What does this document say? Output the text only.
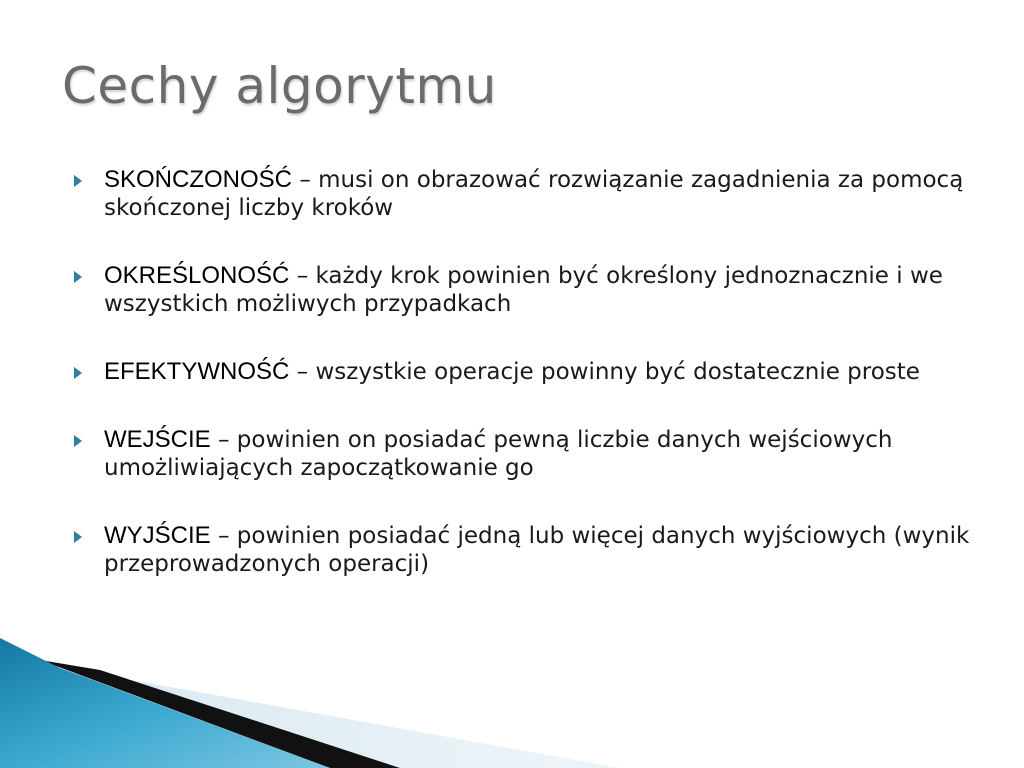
Cechy algorytmu
SKOŃCZONOŚĆ – musi on obrazować rozwiązanie zagadnienia za pomocą skończonej liczby kroków
OKREŚLONOŚĆ – każdy krok powinien być określony jednoznacznie i we wszystkich możliwych przypadkach
EFEKTYWNOŚĆ – wszystkie operacje powinny być dostatecznie proste
WEJŚCIE – powinien on posiadać pewną liczbie danych wejściowych umożliwiających zapoczątkowanie go
WYJŚCIE – powinien posiadać jedną lub więcej danych wyjściowych (wynik przeprowadzonych operacji)
